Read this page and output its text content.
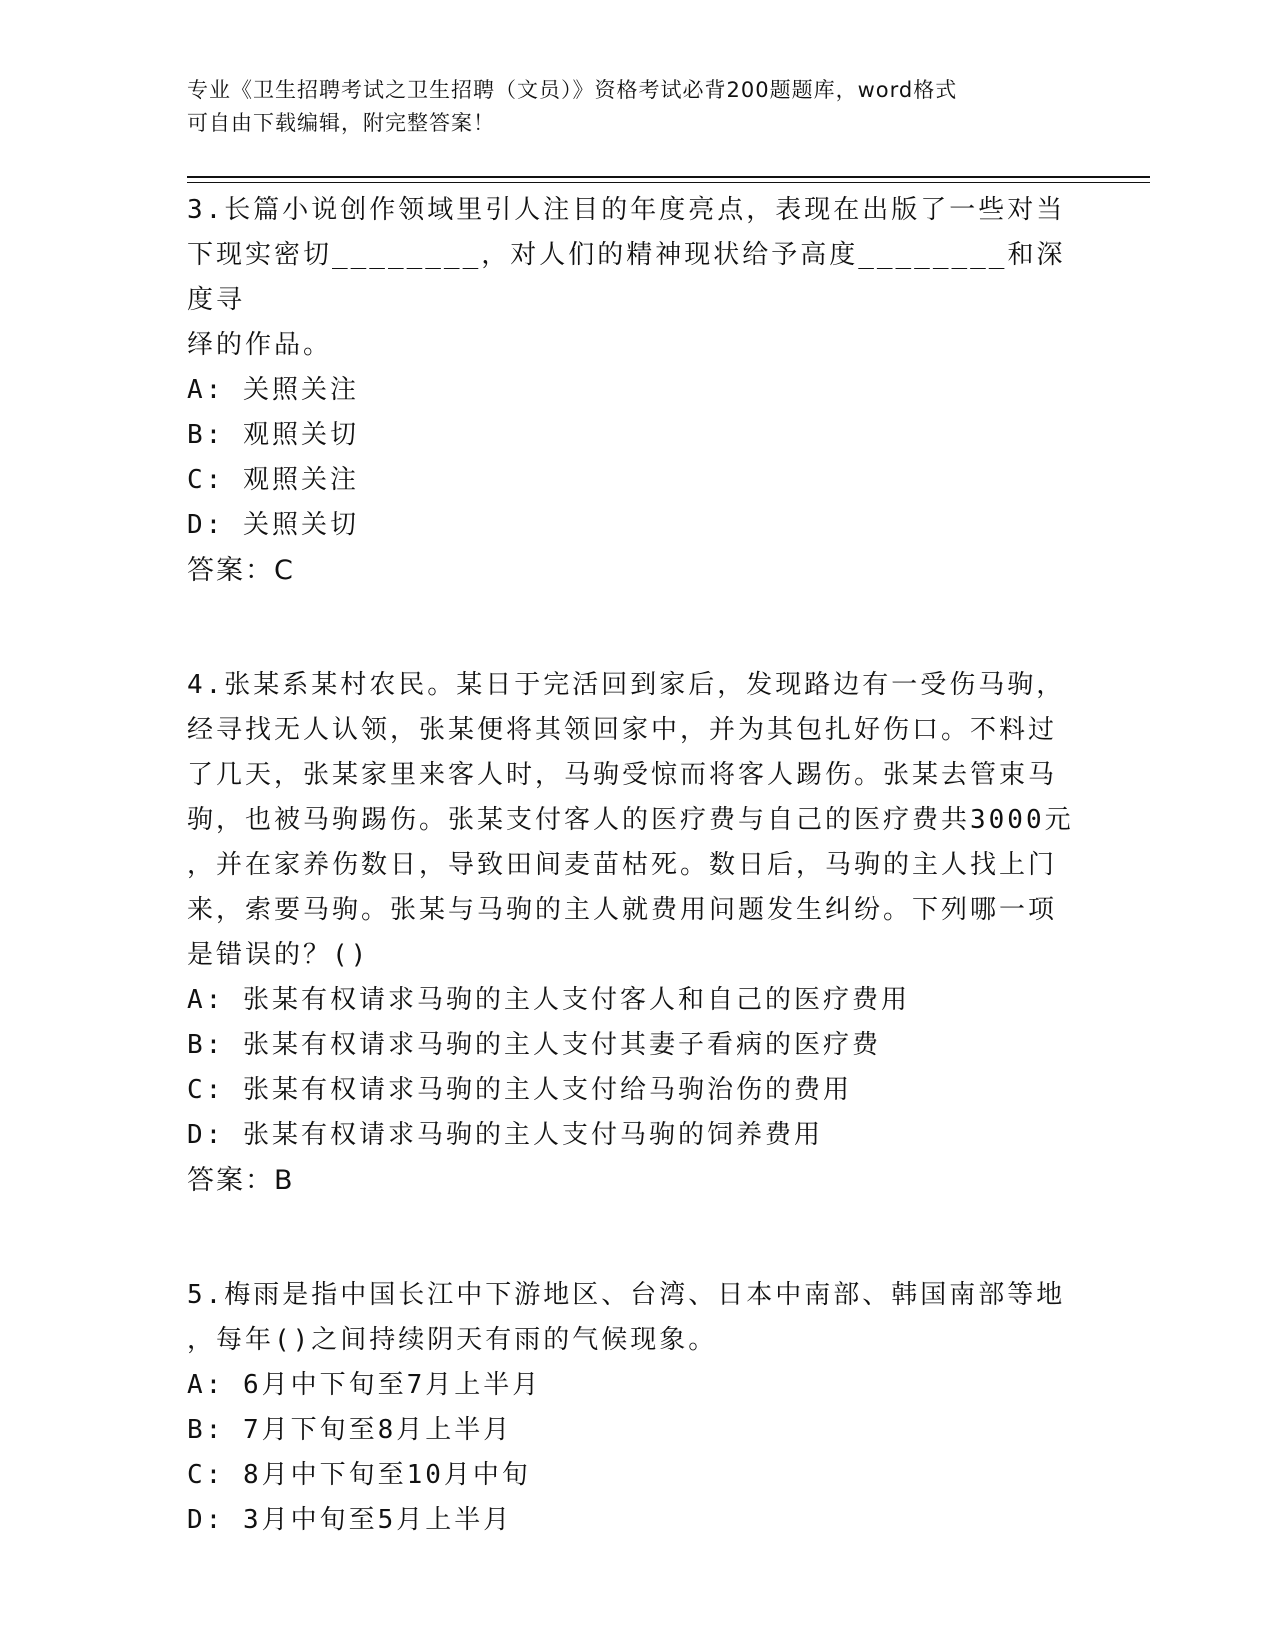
专业《卫生招聘考试之卫生招聘（文员）》资格考试必背200题题库，word格式
可自由下载编辑，附完整答案！
3.长篇小说创作领域里引人注目的年度亮点，表现在出版了一些对当
下现实密切________，对人们的精神现状给予高度________和深度寻
绎的作品。
A: 关照关注
B: 观照关切
C: 观照关注
D: 关照关切
答案：C
4.张某系某村农民。某日于完活回到家后，发现路边有一受伤马驹，
经寻找无人认领，张某便将其领回家中，并为其包扎好伤口。不料过
了几天，张某家里来客人时，马驹受惊而将客人踢伤。张某去管束马
驹，也被马驹踢伤。张某支付客人的医疗费与自己的医疗费共3000元
，并在家养伤数日，导致田间麦苗枯死。数日后，马驹的主人找上门
来，索要马驹。张某与马驹的主人就费用问题发生纠纷。下列哪一项
是错误的？()
A: 张某有权请求马驹的主人支付客人和自己的医疗费用
B: 张某有权请求马驹的主人支付其妻子看病的医疗费
C: 张某有权请求马驹的主人支付给马驹治伤的费用
D: 张某有权请求马驹的主人支付马驹的饲养费用
答案：B
5.梅雨是指中国长江中下游地区、台湾、日本中南部、韩国南部等地
，每年()之间持续阴天有雨的气候现象。
A: 6月中下旬至7月上半月
B: 7月下旬至8月上半月
C: 8月中下旬至10月中旬
D: 3月中旬至5月上半月
